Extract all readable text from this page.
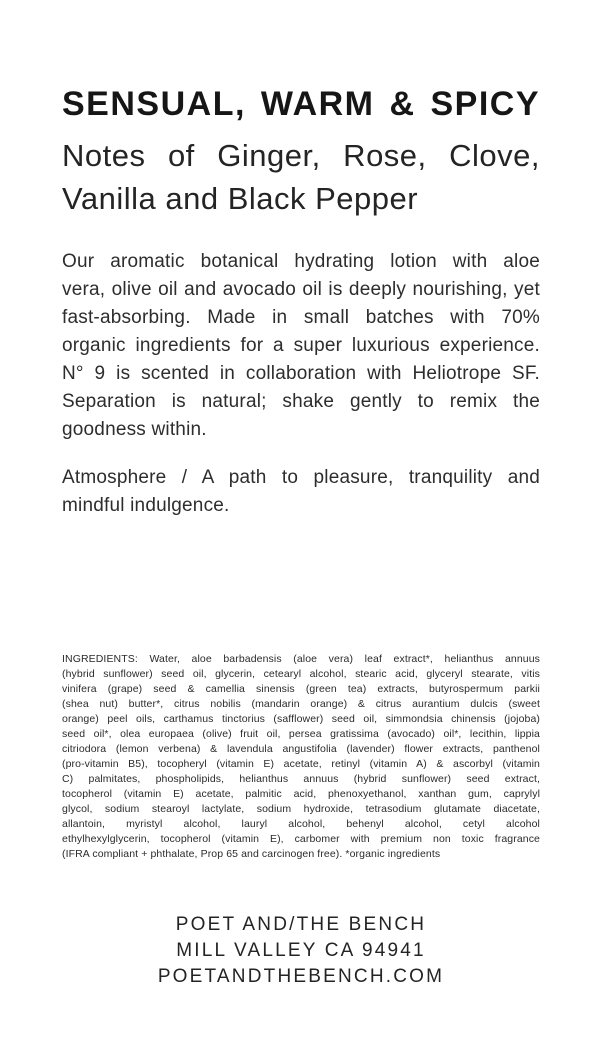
SENSUAL, WARM & SPICY
Notes of Ginger, Rose, Clove,
Vanilla and Black Pepper
Our aromatic botanical hydrating lotion with aloe
vera, olive oil and avocado oil is deeply nourishing, yet
fast-absorbing. Made in small batches with 70%
organic ingredients for a super luxurious experience.
N° 9 is scented in collaboration with Heliotrope SF.
Separation is natural; shake gently to remix the
goodness within.
Atmosphere / A path to pleasure, tranquility and
mindful indulgence.
INGREDIENTS: Water, aloe barbadensis (aloe vera) leaf extract*, helianthus annuus
(hybrid sunflower) seed oil, glycerin, cetearyl alcohol, stearic acid, glyceryl stearate, vitis
vinifera (grape) seed & camellia sinensis (green tea) extracts, butyrospermum parkii
(shea nut) butter*, citrus nobilis (mandarin orange) & citrus aurantium dulcis (sweet
orange) peel oils, carthamus tinctorius (safflower) seed oil, simmondsia chinensis (jojoba)
seed oil*, olea europaea (olive) fruit oil, persea gratissima (avocado) oil*, lecithin, lippia
citriodora (lemon verbena) & lavendula angustifolia (lavender) flower extracts, panthenol
(pro-vitamin B5), tocopheryl (vitamin E) acetate, retinyl (vitamin A) & ascorbyl (vitamin
C) palmitates, phospholipids, helianthus annuus (hybrid sunflower) seed extract,
tocopherol (vitamin E) acetate, palmitic acid, phenoxyethanol, xanthan gum, caprylyl
glycol, sodium stearoyl lactylate, sodium hydroxide, tetrasodium glutamate diacetate,
allantoin, myristyl alcohol, lauryl alcohol, behenyl alcohol, cetyl alcohol
ethylhexylglycerin, tocopherol (vitamin E), carbomer with premium non toxic fragrance
(IFRA compliant + phthalate, Prop 65 and carcinogen free). *organic ingredients
POET AND/THE BENCH
MILL VALLEY CA 94941
POETANDTHEBENCH.COM
